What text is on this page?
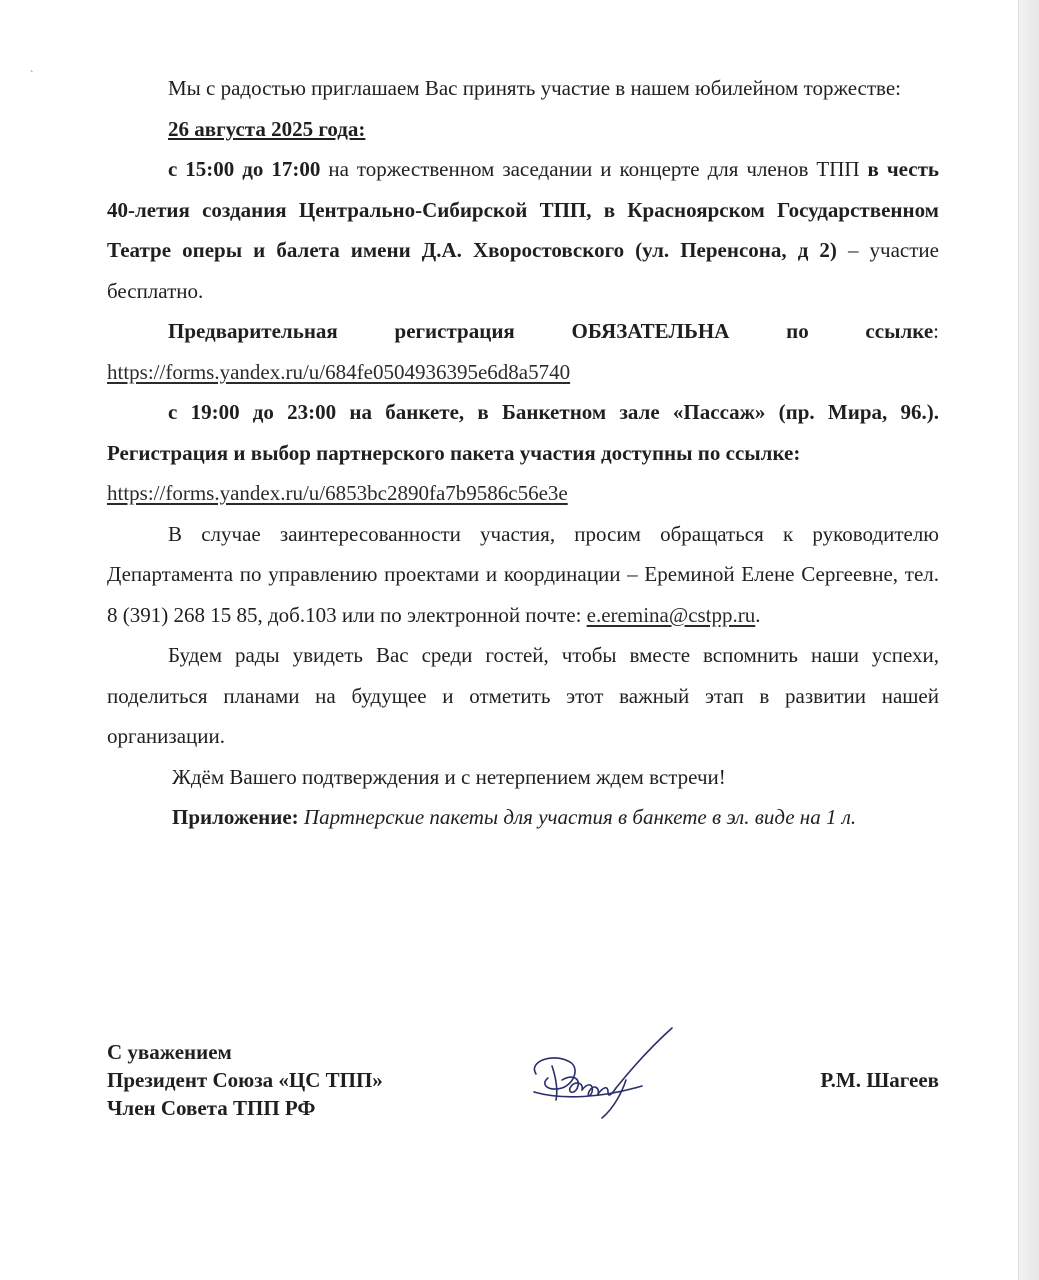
`

Мы с радостью приглашаем Вас принять участие в нашем юбилейном торжестве:

26 августа 2025 года:

с 15:00 до 17:00 на торжественном заседании и концерте для членов ТПП в честь 40-летия создания Центрально-Сибирской ТПП, в Красноярском Государственном Театре оперы и балета имени Д.А. Хворостовского (ул. Перенсона, д 2) – участие бесплатно.

Предварительная регистрация ОБЯЗАТЕЛЬНА по ссылке:

https://forms.yandex.ru/u/684fe0504936395e6d8a5740

с 19:00 до 23:00 на банкете, в Банкетном зале «Пассаж» (пр. Мира, 96.). Регистрация и выбор партнерского пакета участия доступны по ссылке:

https://forms.yandex.ru/u/6853bc2890fa7b9586c56e3e

В случае заинтересованности участия, просим обращаться к руководителю Департамента по управлению проектами и координации – Ереминой Елене Сергеевне, тел. 8 (391) 268 15 85, доб.103 или по электронной почте: e.eremina@cstpp.ru.

Будем рады увидеть Вас среди гостей, чтобы вместе вспомнить наши успехи, поделиться планами на будущее и отметить этот важный этап в развитии нашей организации.

Ждём Вашего подтверждения и с нетерпением ждем встречи!

Приложение: Партнерские пакеты для участия в банкете в эл. виде на 1 л.

С уважением
Президент Союза «ЦС ТПП»
Член Совета ТПП РФ
Р.М. Шагеев
